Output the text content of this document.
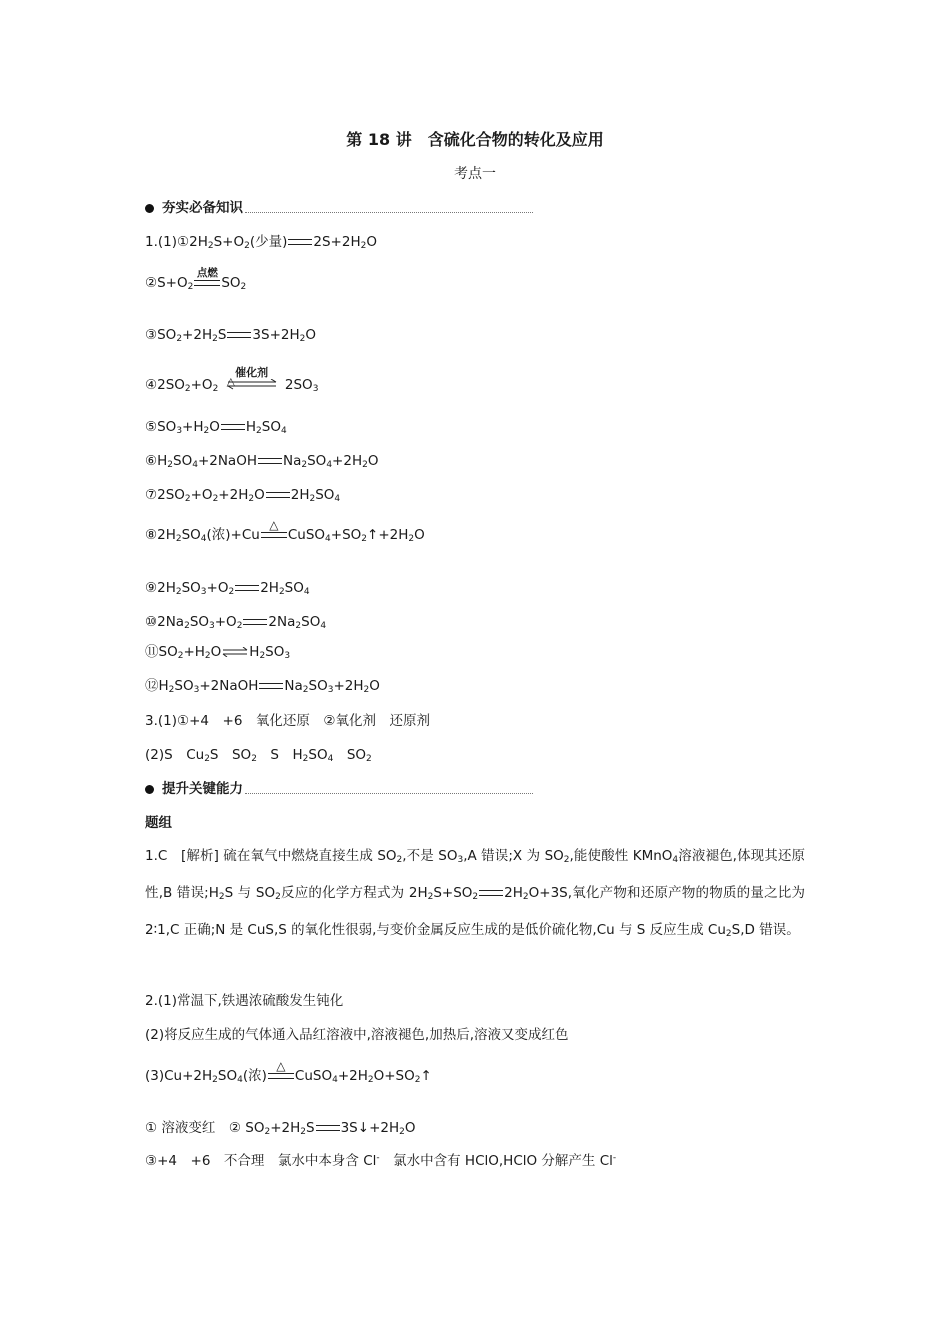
第 18 讲　含硫化合物的转化及应用
考点一
夯实必备知识
$1.(1)①2H_2S+O_2$(少量) $2S+2H_2O$
$②S+O_2$
点燃
$SO_2$
$③SO_2+2H_2S$ $3S+2H_2O$
$④2SO_2+O_2$
催化剂
△	$2SO_3$
$⑤SO_3+H_2O$ $H_2SO_4$
$⑥H_2SO_4+2NaOH$ $Na_2SO_4+2H_2O$
$⑦2SO_2+O_2+2H_2O$ $2H_2SO_4$
$⑧2H_2SO_4$(浓)+Cu
△
$CuSO_4+SO_2↑+2H_2O$
$⑨2H_2SO_3+O_2$ $2H_2SO_4$
$⑩2Na_2SO_3+O_2$ $2Na_2SO_4$
$⑪SO_2+H_2O\rightleftharpoons H_2SO_3$
$⑫H_2SO_3+2NaOH$ $Na_2SO_3+2H_2O$
3.(1)①+4　+6　氧化还原　②氧化剂　还原剂
(2)S　$Cu_2S$　$SO_2$　S　$H_2SO_4$　$SO_2$
提升关键能力
题组
1.C　[解析] 硫在氧气中燃烧直接生成 $SO_2$,不是 $SO_3,A$ 错误;X 为 $SO_2$,能使酸性 KMnO$_4$溶液褪色,体现其还原性,B 错误$;H_2S$ 与 $SO_2$反应的化学方程式为 $2H_2S+SO_2$ $2H_2O+3S$,氧化产物和还原产物的物质的量之比为 2∶1,C 正确;N 是 CuS,S 的氧化性很弱,与变价金属反应生成的是低价硫化物,Cu 与 S 反应生成 $Cu_2S,D$ 错误。
2.(1)常温下,铁遇浓硫酸发生钝化
(2)将反应生成的气体通入品红溶液中,溶液褪色,加热后,溶液又变成红色
$(3)Cu+2H_2SO_4$(浓)
△
$CuSO_4+2H_2O+SO_2↑$
① 溶液变红　② $SO_2+2H_2S$ $3S↓+2H_2O$
③+4　+6　不合理　氯水中本身含 Cl-　氯水中含有 HClO,HClO 分解产生 Cl-
